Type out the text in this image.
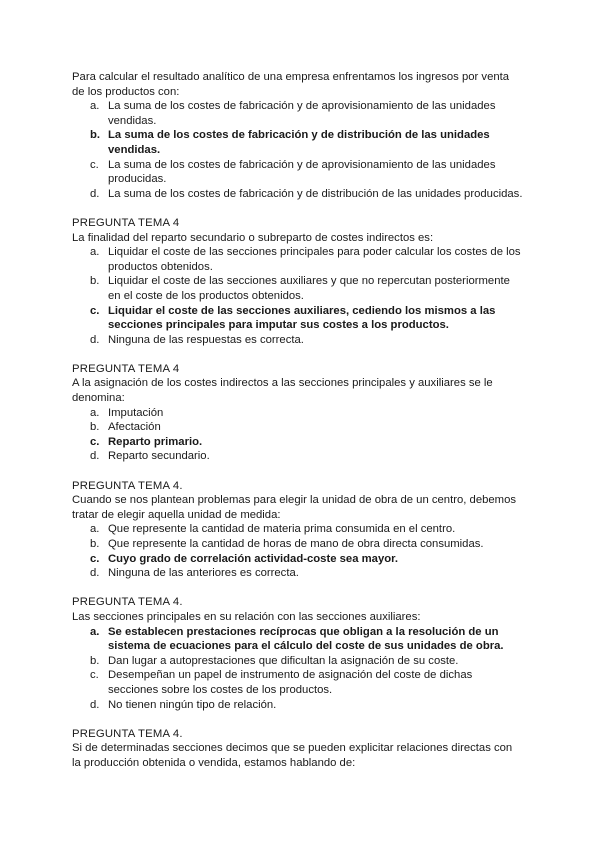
Para calcular el resultado analítico de una empresa enfrentamos los ingresos por venta de los productos con:

a. La suma de los costes de fabricación y de aprovisionamiento de las unidades vendidas.
b. La suma de los costes de fabricación y de distribución de las unidades vendidas.
c. La suma de los costes de fabricación y de aprovisionamiento de las unidades producidas.
d. La suma de los costes de fabricación y de distribución de las unidades producidas.

PREGUNTA TEMA 4

La finalidad del reparto secundario o subreparto de costes indirectos es:

a. Liquidar el coste de las secciones principales para poder calcular los costes de los productos obtenidos.
b. Liquidar el coste de las secciones auxiliares y que no repercutan posteriormente en el coste de los productos obtenidos.
c. Liquidar el coste de las secciones auxiliares, cediendo los mismos a las secciones principales para imputar sus costes a los productos.
d. Ninguna de las respuestas es correcta.

PREGUNTA TEMA 4

A la asignación de los costes indirectos a las secciones principales y auxiliares se le denomina:

a. Imputación
b. Afectación
c. Reparto primario.
d. Reparto secundario.

PREGUNTA TEMA 4.

Cuando se nos plantean problemas para elegir la unidad de obra de un centro, debemos tratar de elegir aquella unidad de medida:

a. Que represente la cantidad de materia prima consumida en el centro.
b. Que represente la cantidad de horas de mano de obra directa consumidas.
c. Cuyo grado de correlación actividad-coste sea mayor.
d. Ninguna de las anteriores es correcta.

PREGUNTA TEMA 4.

Las secciones principales en su relación con las secciones auxiliares:

a. Se establecen prestaciones recíprocas que obligan a la resolución de un sistema de ecuaciones para el cálculo del coste de sus unidades de obra.
b. Dan lugar a autoprestaciones que dificultan la asignación de su coste.
c. Desempeñan un papel de instrumento de asignación del coste de dichas secciones sobre los costes de los productos.
d. No tienen ningún tipo de relación.

PREGUNTA TEMA 4.

Si de determinadas secciones decimos que se pueden explicitar relaciones directas con la producción obtenida o vendida, estamos hablando de:
